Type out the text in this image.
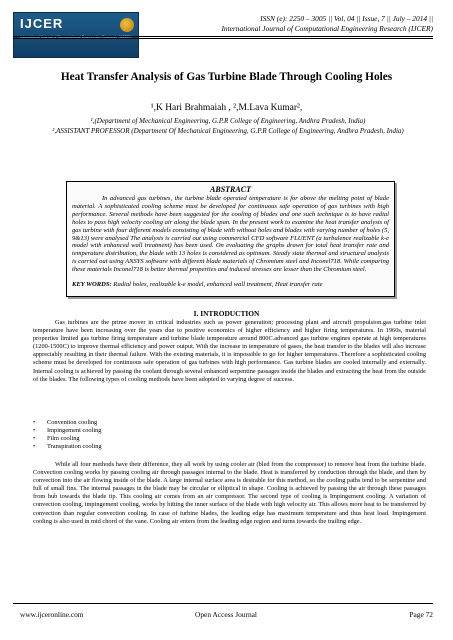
IJCER
International Journal of Computational Engineering Research (IJCER)
ISSN (e): 2250 – 3005 || Vol, 04 || Issue, 7 || July – 2014 ||
International Journal of Computational Engineering Research (IJCER)
Heat Transfer Analysis of Gas Turbine Blade Through Cooling Holes
¹,K Hari Brahmaiah , ²,M.Lava Kumar²,
¹,(Department of Mechanical Engineering, G.P.R College of Engineering, Andhra Pradesh, India)
²,ASSISTANT PROFESSOR (Department Of Mechanical Engineering, G.P.R College of Engineering, Andhra Pradesh, India)
ABSTRACT
In advanced gas turbines, the turbine blade operated temperature is for above the melting point of blade material. A sophisticated cooling scheme must be developed for continuous safe operation of gas turbines with high performance. Several methods have been suggested for the cooling of blades and one such technique is to have radial holes to pass high velocity cooling air along the blade span. In the present work to examine the heat transfer analysis of gas turbine with four different models consisting of blade with without holes and blades with varying number of holes (5, 9&13) were analysed The analysis is carried out using commercial CFD software FLUENT (a turbulence realizable k-e model with enhanced wall treatment) has been used. On evaluating the graphs drawn for total heat transfer rate and temperature distribution, the blade with 13 holes is considered as optimum. Steady state thermal and structural analysis is carried out using ANSYS software with different blade materials of Chromium steel and Inconel718. While comparing these materials Inconel718 is better thermal properties and induced stresses are lesser than the Chromium steel.
KEY WORDS: Radial holes, realizable k-e model, enhanced wall treatment, Heat transfer rate
I. INTRODUCTION
Gas turbines are the prime mover in critical industries such as power generation; processing plant and aircraft propulsion.gas turbine inlet temperature have been increasing over the years due to positive economics of higher efficiency and higher firing temperatures. In 1960s, material properties limited gas turbine firing temperature and turbine blade temperature around 800C.advanced gas turbine engines operate at high temperatures (1200-1500C) to improve thermal efficiency and power output. With the increase in temperature of gases, the heat transfer to the blades will also increase appreciably resulting in their thermal failure. With the existing materials, it is impossible to go for higher temperatures. Therefore a sophisticated cooling scheme must be developed for continuous safe operation of gas turbines with high performance. Gas turbine blades are cooled internally and externally. Internal cooling is achieved by passing the coolant through several enhanced serpentine passages inside the blades and extracting the heat from the outside of the blades. The following types of cooling methods have been adopted to varying degree of success.
• Convention cooling
• Impingement cooling
• Film cooling
• Transpiration cooling
While all four methods have their difference, they all work by using cooler air (bled from the compressor) to remove heat from the turbine blade. Convection cooling works by passing cooling air through passages internal to the blade. Heat is transferred by conduction through the blade, and then by convection into the air flowing inside of the blade. A large internal surface area is desirable for this method, so the cooling paths tend to be serpentine and full of small fins. The internal passages in the blade may be circular or elliptical in shape. Cooling is achieved by passing the air through these passages from hub towards the blade tip. This cooling air comes from an air compressor. The second type of cooling is Impingement cooling. A variation of convection cooling, impingement cooling, works by hitting the inner surface of the blade with high velocity air. This allows more heat to be transferred by convection than regular convection cooling. In case of turbine blades, the leading edge has maximum temperature and thus heat load. Impingement cooling is also used in mid chord of the vane. Cooling air enters from the leading edge region and turns towards the trailing edge.
www.ijceronline.com	Open Access Journal	Page 72
